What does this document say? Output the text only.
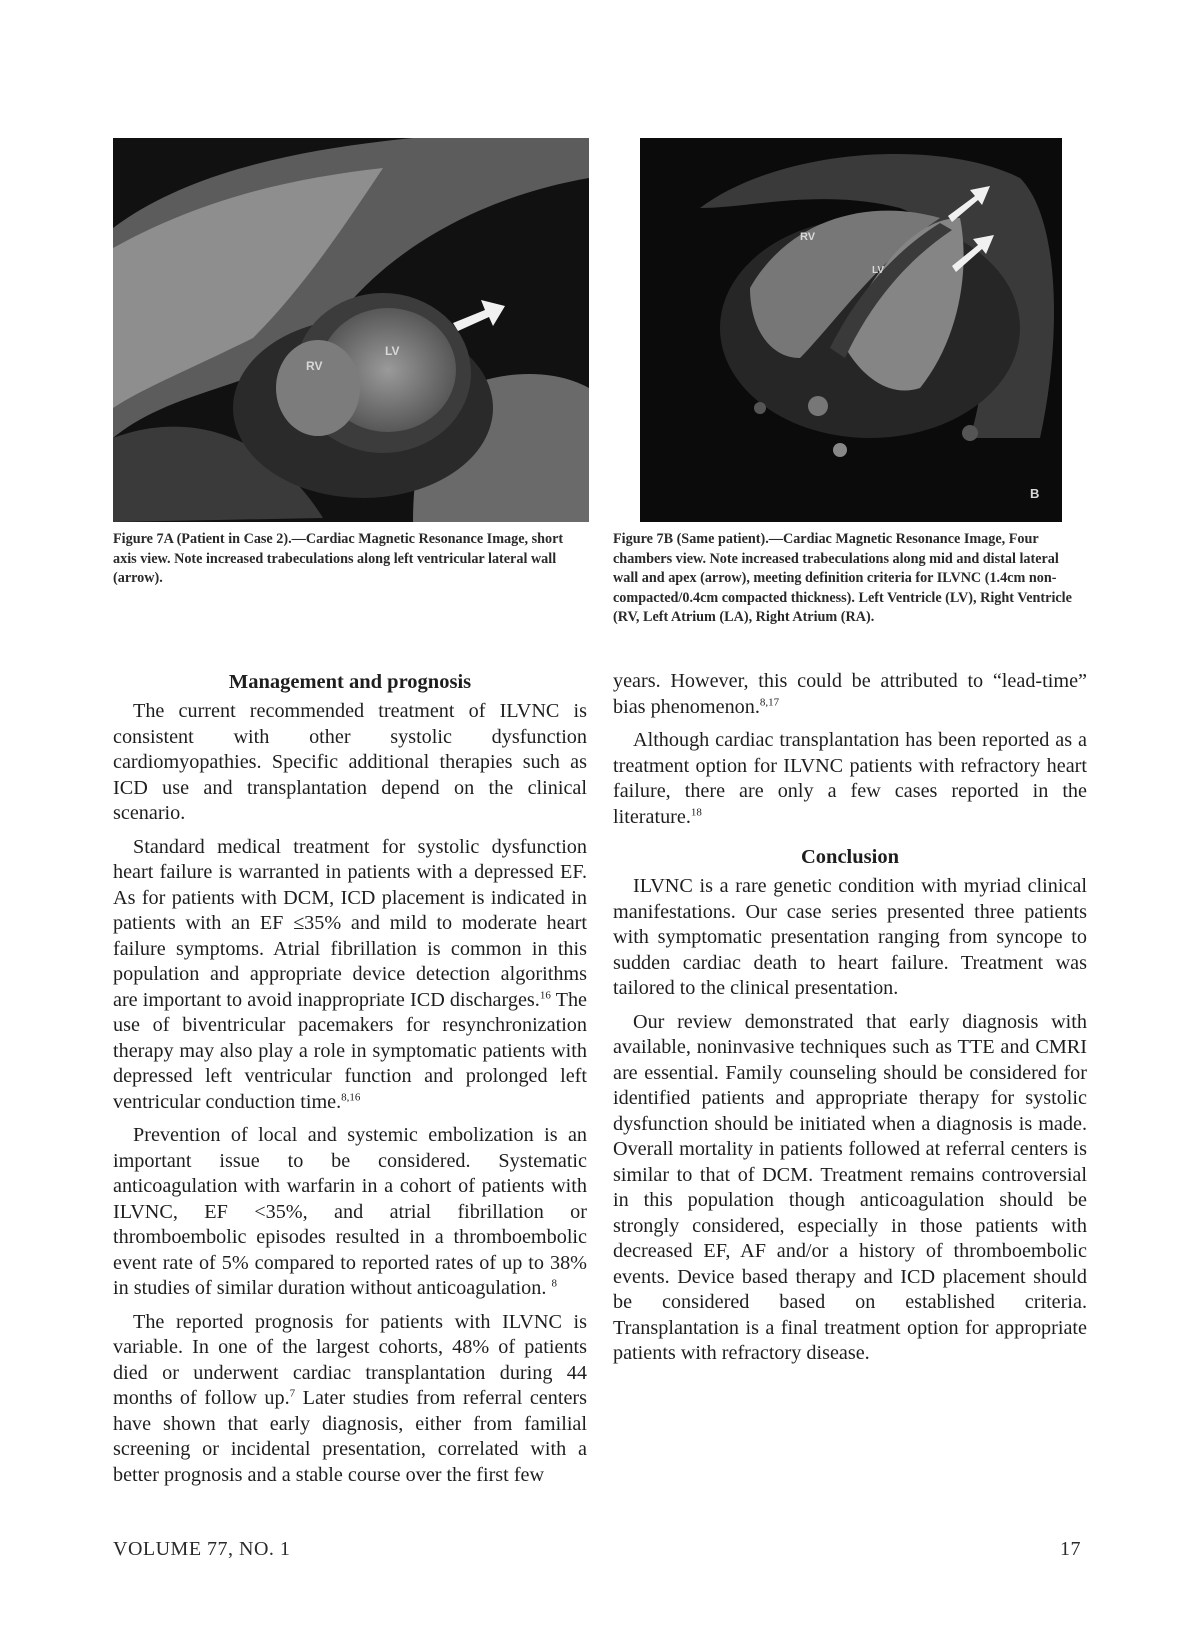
RV
LV
Figure 7A (Patient in Case 2).—Cardiac Magnetic Resonance Image, short axis view. Note increased trabeculations along left ventricular lateral wall (arrow).
RV
LV
B
Figure 7B (Same patient).—Cardiac Magnetic Resonance Image, Four chambers view. Note increased trabeculations along mid and distal lateral wall and apex (arrow), meeting definition criteria for ILVNC (1.4cm non-compacted/0.4cm compacted thickness). Left Ventricle (LV), Right Ventricle (RV, Left Atrium (LA), Right Atrium (RA).
Management and prognosis

The current recommended treatment of ILVNC is consistent with other systolic dysfunction cardiomyopathies. Specific additional therapies such as ICD use and transplantation depend on the clinical scenario.

Standard medical treatment for systolic dysfunction heart failure is warranted in patients with a depressed EF. As for patients with DCM, ICD placement is indicated in patients with an EF ≤35% and mild to moderate heart failure symptoms. Atrial fibrillation is common in this population and appropriate device detection algorithms are important to avoid inappropriate ICD discharges.$^{16}$ The use of biventricular pacemakers for resynchronization therapy may also play a role in symptomatic patients with depressed left ventricular function and prolonged left ventricular conduction time.$^{8,16}$

Prevention of local and systemic embolization is an important issue to be considered. Systematic anticoagulation with warfarin in a cohort of patients with ILVNC, EF <35%, and atrial fibrillation or thromboembolic episodes resulted in a thromboembolic event rate of 5% compared to reported rates of up to 38% in studies of similar duration without anticoagulation. $^8$

The reported prognosis for patients with ILVNC is variable. In one of the largest cohorts, 48% of patients died or underwent cardiac transplantation during 44 months of follow up.$^7$ Later studies from referral centers have shown that early diagnosis, either from familial screening or incidental presentation, correlated with a better prognosis and a stable course over the first few

years. However, this could be attributed to “lead-time” bias phenomenon.$^{8,17}$

Although cardiac transplantation has been reported as a treatment option for ILVNC patients with refractory heart failure, there are only a few cases reported in the literature.$^{18}$

Conclusion

ILVNC is a rare genetic condition with myriad clinical manifestations. Our case series presented three patients with symptomatic presentation ranging from syncope to sudden cardiac death to heart failure. Treatment was tailored to the clinical presentation.

Our review demonstrated that early diagnosis with available, noninvasive techniques such as TTE and CMRI are essential. Family counseling should be considered for identified patients and appropriate therapy for systolic dysfunction should be initiated when a diagnosis is made. Overall mortality in patients followed at referral centers is similar to that of DCM. Treatment remains controversial in this population though anticoagulation should be strongly considered, especially in those patients with decreased EF, AF and/or a history of thromboembolic events. Device based therapy and ICD placement should be considered based on established criteria. Transplantation is a final treatment option for appropriate patients with refractory disease.

VOLUME 77, NO. 1	17
